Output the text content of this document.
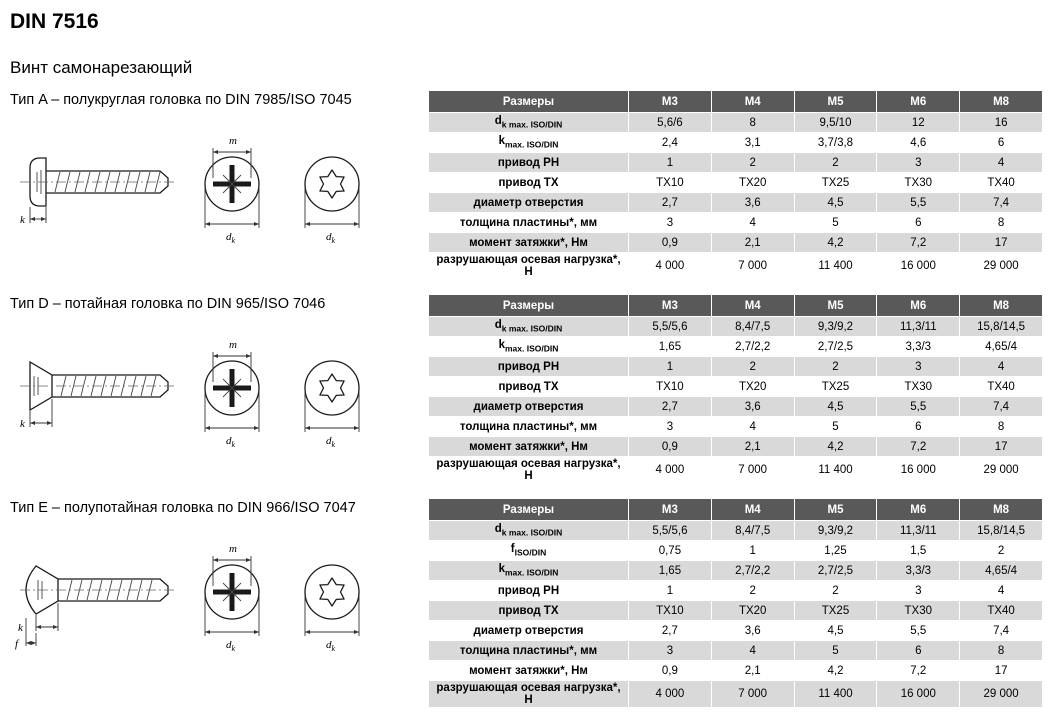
DIN 7516
Винт самонарезающий
Тип A – полукруглая головка по DIN 7985/ISO 7045
k
m
$d_k$	$d_k$
Размеры	M3	M4	M5	M6	M8
$d_{k max. ISO/DIN}$	5,6/6	8	9,5/10	12	16
$k_{max. ISO/DIN}$	2,4	3,1	3,7/3,8	4,6	6
привод PH	1	2	2	3	4
привод TX	TX10	TX20	TX25	TX30	TX40
диаметр отверстия	2,7	3,6	4,5	5,5	7,4
толщина пластины*, мм	3	4	5	6	8
момент затяжки*, Нм	0,9	2,1	4,2	7,2	17
разрушающая осевая нагрузка*, Н	4 000	7 000	11 400	16 000	29 000
Тип D – потайная головка по DIN 965/ISO 7046
k
m
$d_k$	$d_k$
Размеры	M3	M4	M5	M6	M8
$d_{k max. ISO/DIN}$	5,5/5,6	8,4/7,5	9,3/9,2	11,3/11	15,8/14,5
$k_{max. ISO/DIN}$	1,65	2,7/2,2	2,7/2,5	3,3/3	4,65/4
привод PH	1	2	2	3	4
привод TX	TX10	TX20	TX25	TX30	TX40
диаметр отверстия	2,7	3,6	4,5	5,5	7,4
толщина пластины*, мм	3	4	5	6	8
момент затяжки*, Нм	0,9	2,1	4,2	7,2	17
разрушающая осевая нагрузка*, Н	4 000	7 000	11 400	16 000	29 000
Тип E – полупотайная головка по DIN 966/ISO 7047
k
f
m
$d_k$	$d_k$
Размеры	M3	M4	M5	M6	M8
$d_{k max. ISO/DIN}$	5,5/5,6	8,4/7,5	9,3/9,2	11,3/11	15,8/14,5
$f_{ISO/DIN}$	0,75	1	1,25	1,5	2
$k_{max. ISO/DIN}$	1,65	2,7/2,2	2,7/2,5	3,3/3	4,65/4
привод PH	1	2	2	3	4
привод TX	TX10	TX20	TX25	TX30	TX40
диаметр отверстия	2,7	3,6	4,5	5,5	7,4
толщина пластины*, мм	3	4	5	6	8
момент затяжки*, Нм	0,9	2,1	4,2	7,2	17
разрушающая осевая нагрузка*, Н	4 000	7 000	11 400	16 000	29 000
